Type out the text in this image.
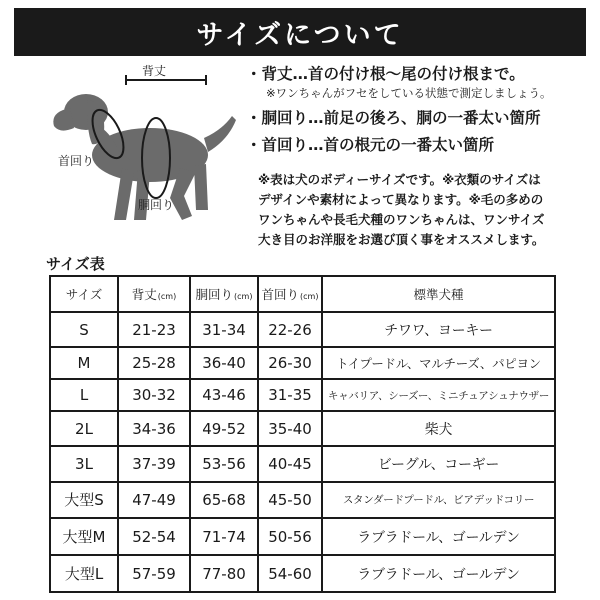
サイズについて
背丈
首回り
胴回り
・背丈…首の付け根〜尾の付け根まで。
※ワンちゃんがフセをしている状態で測定しましょう。
・胴回り…前足の後ろ、胴の一番太い箇所
・首回り…首の根元の一番太い箇所
※表は犬のボディーサイズです。※衣類のサイズは
デザインや素材によって異なります。※毛の多めの
ワンちゃんや長毛犬種のワンちゃんは、ワンサイズ
大き目のお洋服をお選び頂く事をオススメします。
サイズ表
サイズ	背丈(cm)	胴回り(cm)	首回り(cm)	標準犬種
S	21-23	31-34	22-26	チワワ、ヨーキー
M	25-28	36-40	26-30	トイプードル、マルチーズ、パピヨン
L	30-32	43-46	31-35	キャバリア、シーズー、ミニチュアシュナウザー
2L	34-36	49-52	35-40	柴犬
3L	37-39	53-56	40-45	ビーグル、コーギー
大型S	47-49	65-68	45-50	スタンダードプードル、ビアデッドコリー
大型M	52-54	71-74	50-56	ラブラドール、ゴールデン
大型L	57-59	77-80	54-60	ラブラドール、ゴールデン
